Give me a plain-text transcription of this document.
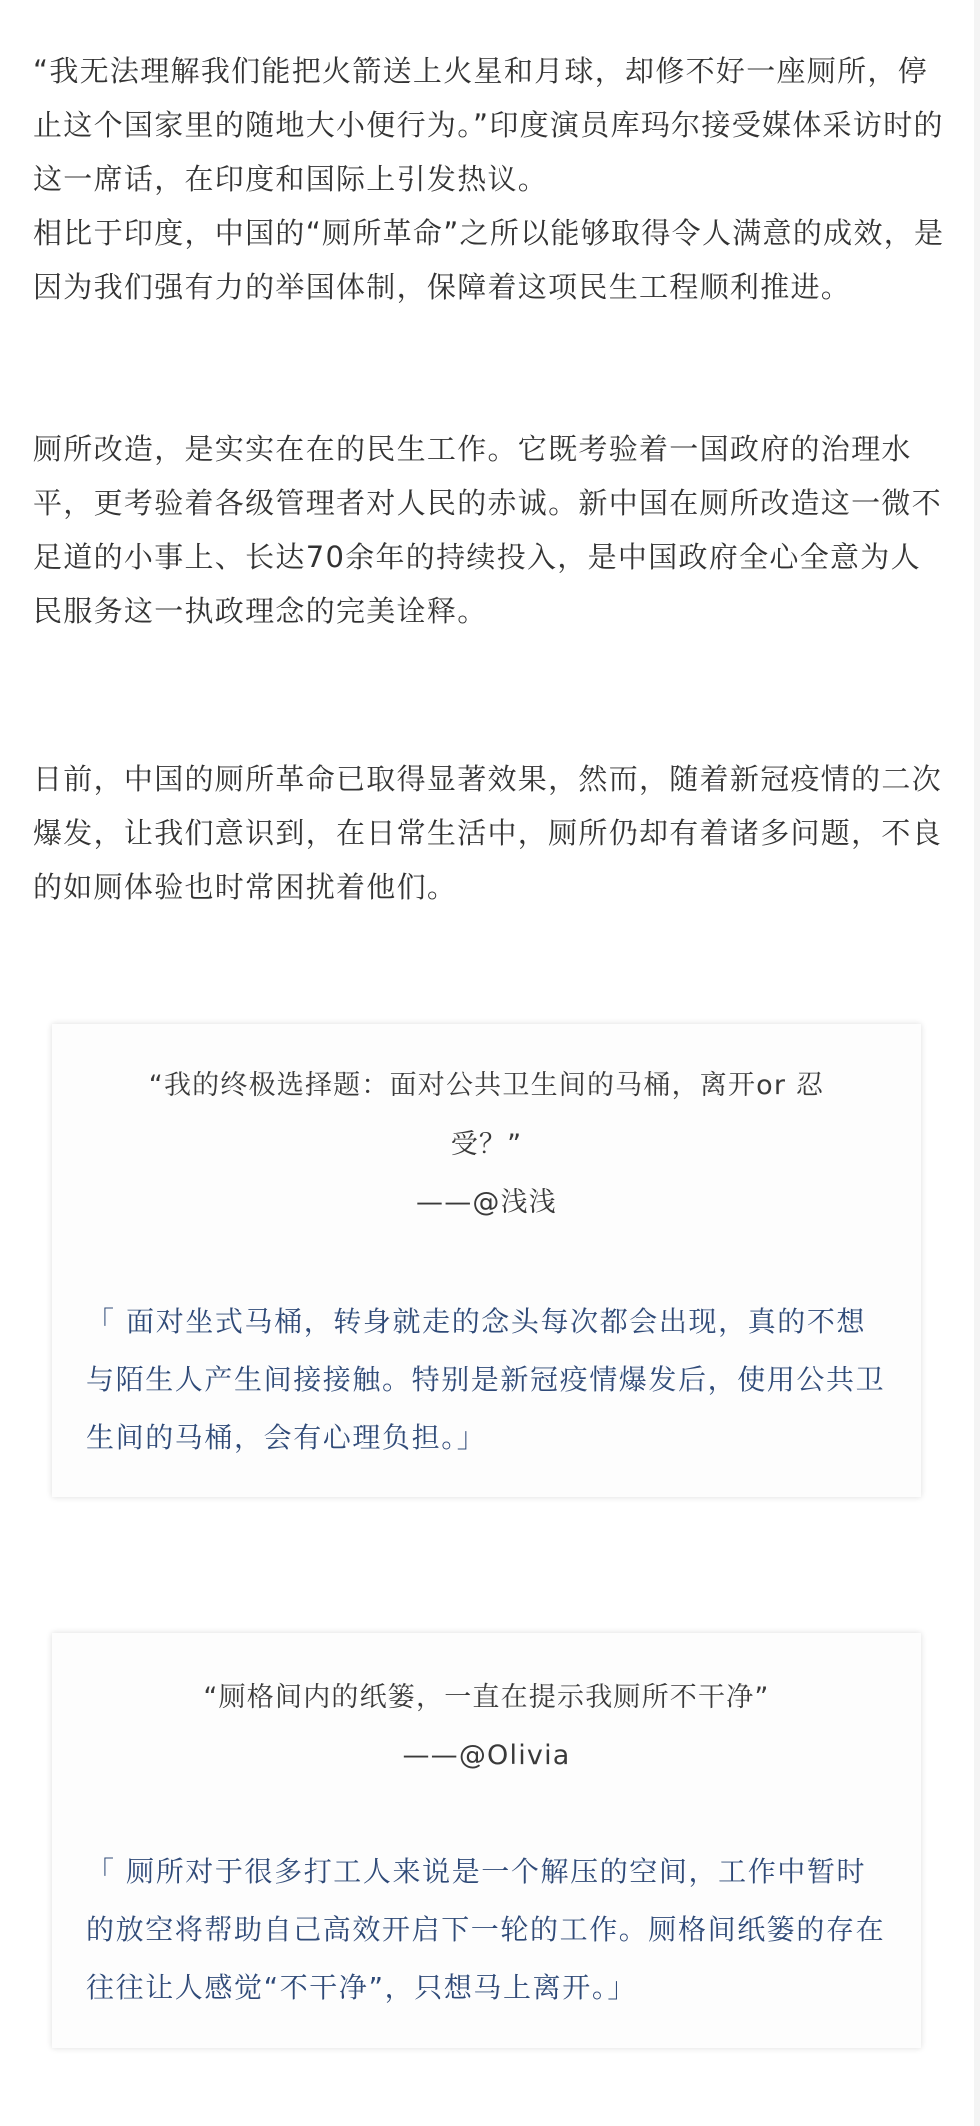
“我无法理解我们能把火箭送上火星和月球，却修不好一座厕所，停止这个国家里的随地大小便行为。”印度演员库玛尔接受媒体采访时的这一席话，在印度和国际上引发热议。

相比于印度，中国的“厕所革命”之所以能够取得令人满意的成效，是因为我们强有力的举国体制，保障着这项民生工程顺利推进。

厕所改造，是实实在在的民生工作。它既考验着一国政府的治理水平，更考验着各级管理者对人民的赤诚。新中国在厕所改造这一微不足道的小事上、长达70余年的持续投入，是中国政府全心全意为人民服务这一执政理念的完美诠释。

日前，中国的厕所革命已取得显著效果，然而，随着新冠疫情的二次爆发，让我们意识到，在日常生活中，厕所仍却有着诸多问题，不良的如厕体验也时常困扰着他们。

“我的终极选择题：面对公共卫生间的马桶，离开or 忍
受？”
——@浅浅

「 面对坐式马桶，转身就走的念头每次都会出现，真的不想与陌生人产生间接接触。特别是新冠疫情爆发后，使用公共卫生间的马桶，会有心理负担。」

“厕格间内的纸篓，一直在提示我厕所不干净”
——@Olivia

「 厕所对于很多打工人来说是一个解压的空间，工作中暂时的放空将帮助自己高效开启下一轮的工作。厕格间纸篓的存在往往让人感觉“不干净”，只想马上离开。」
